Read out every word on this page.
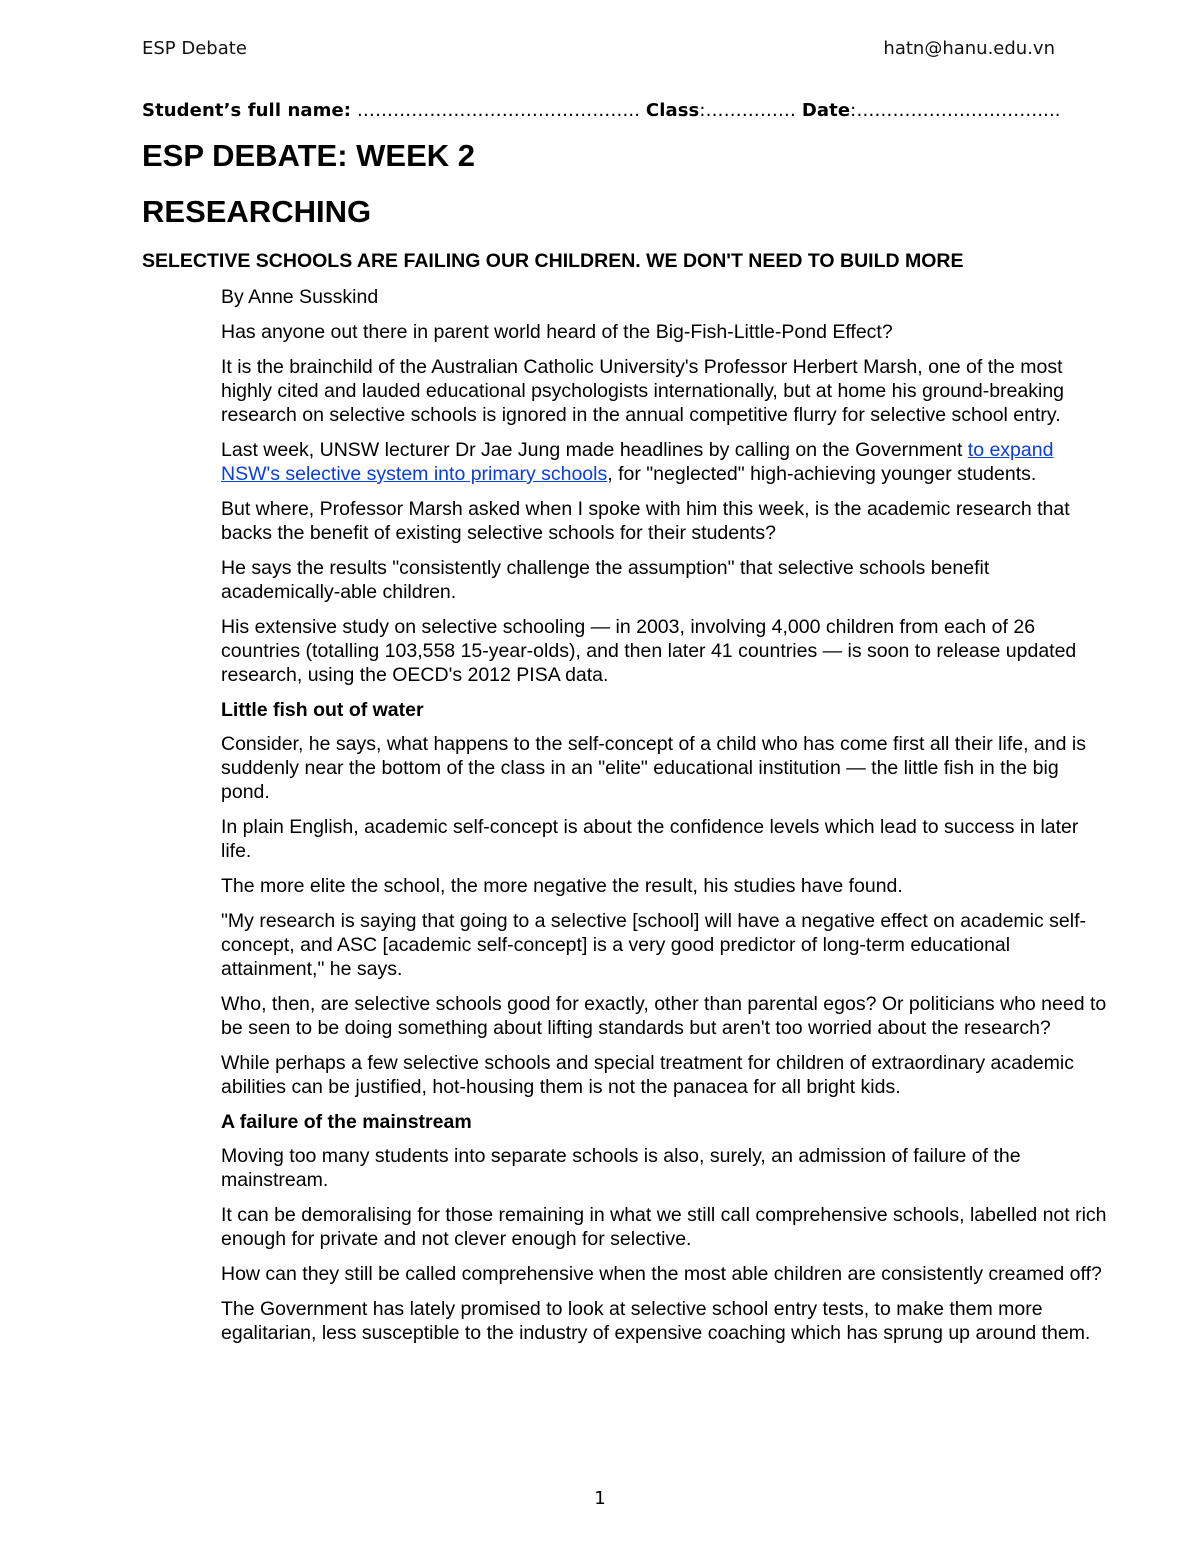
ESP Debate	hatn@hanu.edu.vn
Student’s full name: ……………………………………….. Class:…………… Date:…………………………....
ESP DEBATE: WEEK 2
RESEARCHING
SELECTIVE SCHOOLS ARE FAILING OUR CHILDREN. WE DON'T NEED TO BUILD MORE

By Anne Susskind

Has anyone out there in parent world heard of the Big-Fish-Little-Pond Effect?

It is the brainchild of the Australian Catholic University's Professor Herbert Marsh, one of the most highly cited and lauded educational psychologists internationally, but at home his ground-breaking research on selective schools is ignored in the annual competitive flurry for selective school entry.

Last week, UNSW lecturer Dr Jae Jung made headlines by calling on the Government to expand NSW's selective system into primary schools, for "neglected" high-achieving younger students.

But where, Professor Marsh asked when I spoke with him this week, is the academic research that backs the benefit of existing selective schools for their students?

He says the results "consistently challenge the assumption" that selective schools benefit academically-able children.

His extensive study on selective schooling — in 2003, involving 4,000 children from each of 26 countries (totalling 103,558 15-year-olds), and then later 41 countries — is soon to release updated research, using the OECD's 2012 PISA data.

Little fish out of water

Consider, he says, what happens to the self-concept of a child who has come first all their life, and is suddenly near the bottom of the class in an "elite" educational institution — the little fish in the big pond.

In plain English, academic self-concept is about the confidence levels which lead to success in later life.

The more elite the school, the more negative the result, his studies have found.

"My research is saying that going to a selective [school] will have a negative effect on academic self-concept, and ASC [academic self-concept] is a very good predictor of long-term educational attainment," he says.

Who, then, are selective schools good for exactly, other than parental egos? Or politicians who need to be seen to be doing something about lifting standards but aren't too worried about the research?

While perhaps a few selective schools and special treatment for children of extraordinary academic abilities can be justified, hot-housing them is not the panacea for all bright kids.

A failure of the mainstream

Moving too many students into separate schools is also, surely, an admission of failure of the mainstream.

It can be demoralising for those remaining in what we still call comprehensive schools, labelled not rich enough for private and not clever enough for selective.

How can they still be called comprehensive when the most able children are consistently creamed off?

The Government has lately promised to look at selective school entry tests, to make them more egalitarian, less susceptible to the industry of expensive coaching which has sprung up around them.

1
